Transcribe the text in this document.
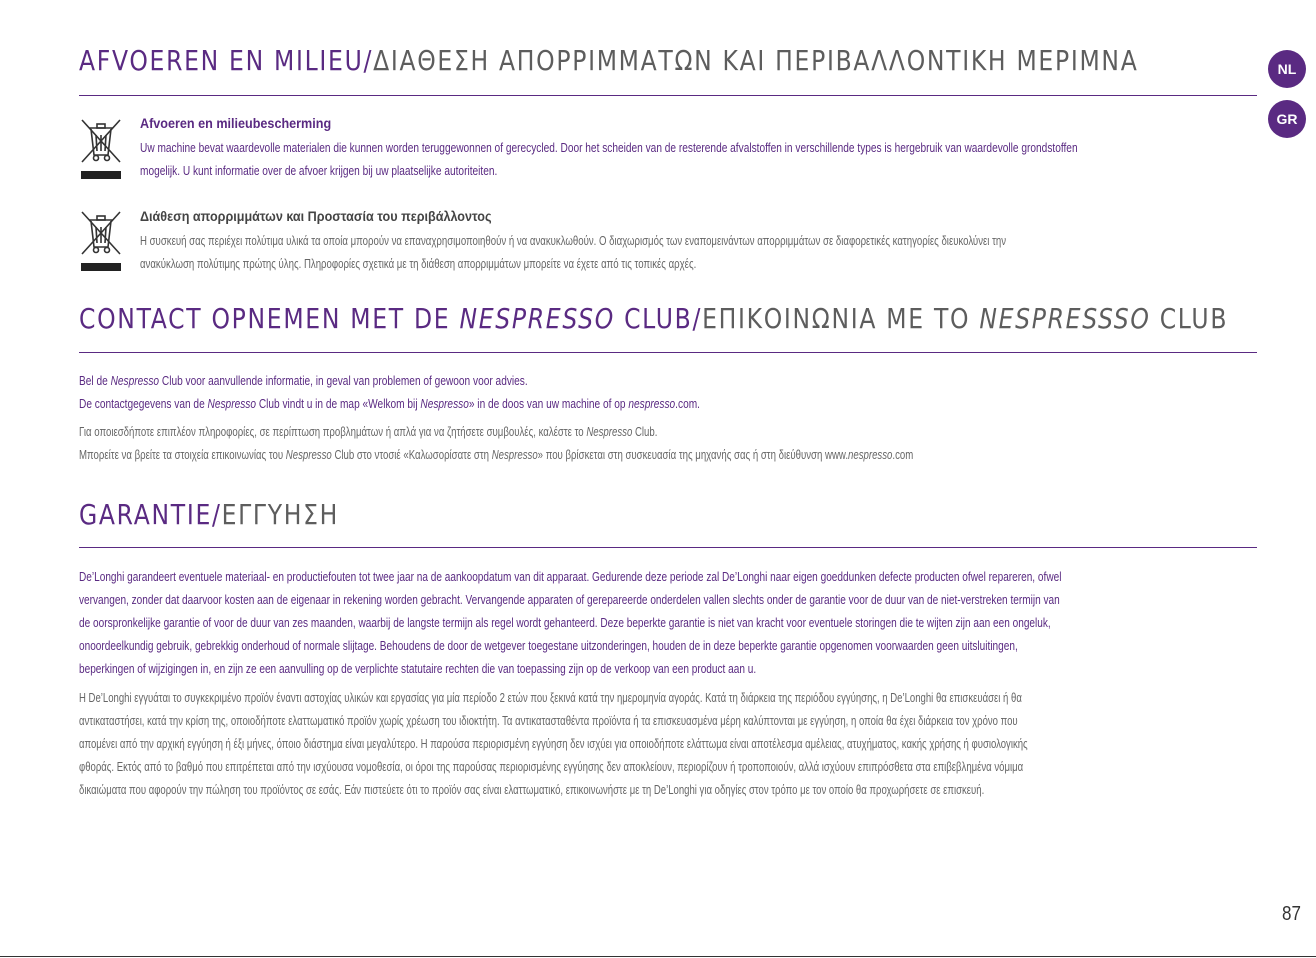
NL
GR
AFVOEREN EN MILIEU/ΔΙΑΘΕΣΗ ΑΠΟΡΡΙΜΜΑΤΩΝ ΚΑΙ ΠΕΡΙΒΑΛΛΟΝΤΙΚΗ ΜΕΡΙΜΝΑ
Afvoeren en milieubescherming

Uw machine bevat waardevolle materialen die kunnen worden teruggewonnen of gerecycled. Door het scheiden van de resterende afvalstoffen in verschillende types is hergebruik van waardevolle grondstoffen
mogelijk. U kunt informatie over de afvoer krijgen bij uw plaatselijke autoriteiten.

Διάθεση απορριμμάτων και Προστασία του περιβάλλοντος

Η συσκευή σας περιέχει πολύτιμα υλικά τα οποία μπορούν να επαναχρησιμοποιηθούν ή να ανακυκλωθούν. Ο διαχωρισμός των εναπομεινάντων απορριμμάτων σε διαφορετικές κατηγορίες διευκολύνει την
ανακύκλωση πολύτιμης πρώτης ύλης. Πληροφορίες σχετικά με τη διάθεση απορριμμάτων μπορείτε να έχετε από τις τοπικές αρχές.

CONTACT OPNEMEN MET DE NESPRESSO CLUB/ΕΠΙΚΟΙΝΩΝΙΑ ΜΕ ΤΟ NESPRESSSO CLUB

Bel de Nespresso Club voor aanvullende informatie, in geval van problemen of gewoon voor advies.
De contactgegevens van de Nespresso Club vindt u in de map «Welkom bij Nespresso» in de doos van uw machine of op nespresso.com.

Για οποιεσδήποτε επιπλέον πληροφορίες, σε περίπτωση προβλημάτων ή απλά για να ζητήσετε συμβουλές, καλέστε το Nespresso Club.
Μπορείτε να βρείτε τα στοιχεία επικοινωνίας του Nespresso Club στο ντοσιέ «Καλωσορίσατε στη Nespresso» που βρίσκεται στη συσκευασία της μηχανής σας ή στη διεύθυνση www.nespresso.com

GARANTIE/ΕΓΓΥΗΣΗ

De’Longhi garandeert eventuele materiaal- en productiefouten tot twee jaar na de aankoopdatum van dit apparaat. Gedurende deze periode zal De’Longhi naar eigen goeddunken defecte producten ofwel repareren, ofwel
vervangen, zonder dat daarvoor kosten aan de eigenaar in rekening worden gebracht. Vervangende apparaten of gerepareerde onderdelen vallen slechts onder de garantie voor de duur van de niet-verstreken termijn van
de oorspronkelijke garantie of voor de duur van zes maanden, waarbij de langste termijn als regel wordt gehanteerd. Deze beperkte garantie is niet van kracht voor eventuele storingen die te wijten zijn aan een ongeluk,
onoordeelkundig gebruik, gebrekkig onderhoud of normale slijtage. Behoudens de door de wetgever toegestane uitzonderingen, houden de in deze beperkte garantie opgenomen voorwaarden geen uitsluitingen,
beperkingen of wijzigingen in, en zijn ze een aanvulling op de verplichte statutaire rechten die van toepassing zijn op de verkoop van een product aan u.

Η De’Longhi εγγυάται το συγκεκριμένο προϊόν έναντι αστοχίας υλικών και εργασίας για μία περίοδο 2 ετών που ξεκινά κατά την ημερομηνία αγοράς. Κατά τη διάρκεια της περιόδου εγγύησης, η De’Longhi θα επισκευάσει ή θα
αντικαταστήσει, κατά την κρίση της, οποιοδήποτε ελαττωματικό προϊόν χωρίς χρέωση του ιδιοκτήτη. Τα αντικατασταθέντα προϊόντα ή τα επισκευασμένα μέρη καλύπτονται με εγγύηση, η οποία θα έχει διάρκεια τον χρόνο που
απομένει από την αρχική εγγύηση ή έξι μήνες, όποιο διάστημα είναι μεγαλύτερο. Η παρούσα περιορισμένη εγγύηση δεν ισχύει για οποιοδήποτε ελάττωμα είναι αποτέλεσμα αμέλειας, ατυχήματος, κακής χρήσης ή φυσιολογικής
φθοράς. Εκτός από το βαθμό που επιτρέπεται από την ισχύουσα νομοθεσία, οι όροι της παρούσας περιορισμένης εγγύησης δεν αποκλείουν, περιορίζουν ή τροποποιούν, αλλά ισχύουν επιπρόσθετα στα επιβεβλημένα νόμιμα
δικαιώματα που αφορούν την πώληση του προϊόντος σε εσάς. Εάν πιστεύετε ότι το προϊόν σας είναι ελαττωματικό, επικοινωνήστε με τη De’Longhi για οδηγίες στον τρόπο με τον οποίο θα προχωρήσετε σε επισκευή.

87
